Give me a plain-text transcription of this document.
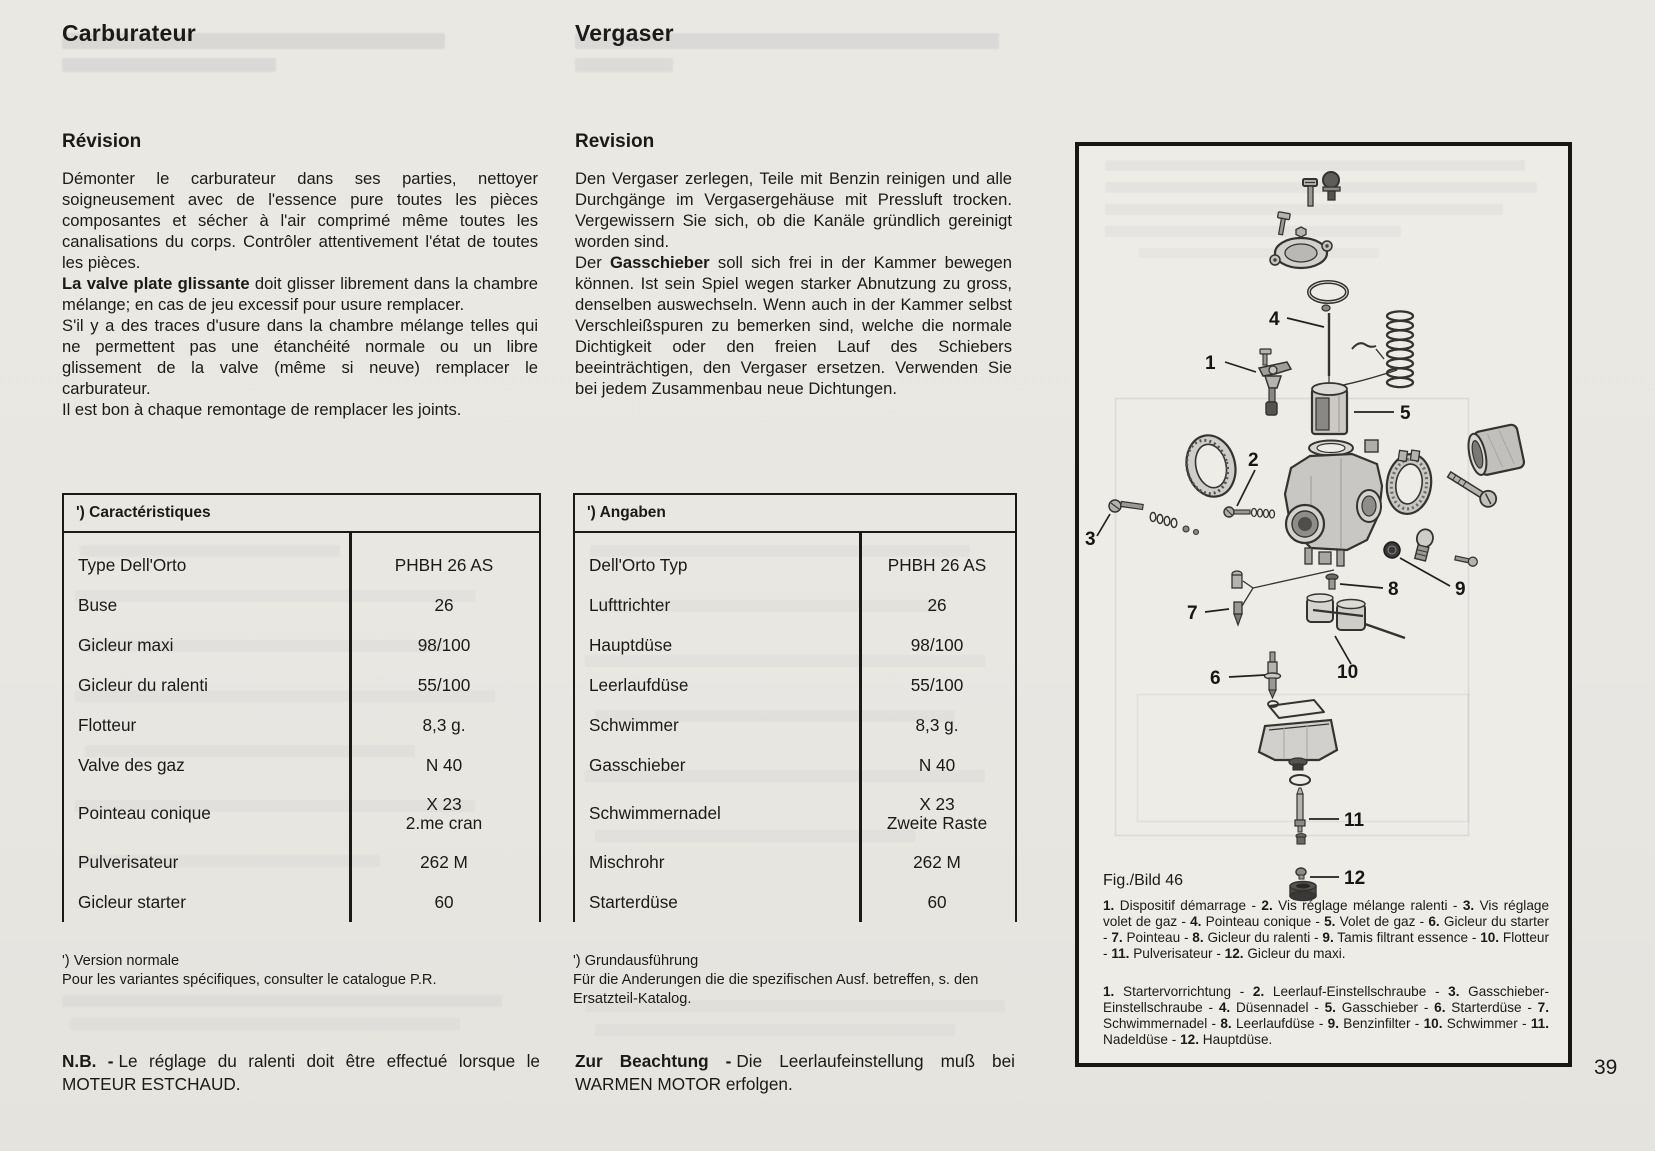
Carburateur	Vergaser
Révision	Revision

Démonter le carburateur dans ses parties, nettoyer soigneusement avec de l'essence pure toutes les pièces composantes et sécher à l'air comprimé même toutes les canalisations du corps. Contrôler attentivement l'état de toutes les pièces.

La valve plate glissante doit glisser librement dans la chambre mélange; en cas de jeu excessif pour usure remplacer.

S'il y a des traces d'usure dans la chambre mélange telles qui ne permettent pas une étanchéité normale ou un libre glissement de la valve (même si neuve) remplacer le carburateur.

Il est bon à chaque remontage de remplacer les joints.

Den Vergaser zerlegen, Teile mit Benzin reinigen und alle Durchgänge im Vergasergehäuse mit Pressluft trocken. Vergewissern Sie sich, ob die Kanäle gründlich gereinigt worden sind.

Der Gasschieber soll sich frei in der Kammer bewegen können. Ist sein Spiel wegen starker Abnutzung zu gross, denselben auswechseln. Wenn auch in der Kammer selbst Verschleißspuren zu bemerken sind, welche die normale Dichtigkeit oder den freien Lauf des Schiebers beeinträchtigen, den Vergaser ersetzen. Verwenden Sie bei jedem Zusammenbau neue Dichtungen.

') Caractéristiques
Type Dell'Orto	PHBH 26 AS
Buse	26
Gicleur maxi	98/100
Gicleur du ralenti	55/100
Flotteur	8,3 g.
Valve des gaz	N 40
Pointeau conique	X 23
2.me cran
Pulverisateur	262 M
Gicleur starter	60
') Angaben
Dell'Orto Typ	PHBH 26 AS
Lufttrichter	26
Hauptdüse	98/100
Leerlaufdüse	55/100
Schwimmer	8,3 g.
Gasschieber	N 40
Schwimmernadel	X 23
Zweite Raste
Mischrohr	262 M
Starterdüse	60
') Version normale
Pour les variantes spécifiques, consulter le catalogue P.R.
') Grundausführung
Für die Anderungen die die spezifischen Ausf. betreffen, s. den Ersatzteil-Katalog.
N.B. - Le réglage du ralenti doit être effectué lorsque le MOTEUR ESTCHAUD.
Zur Beachtung - Die Leerlaufeinstellung muß bei WARMEN MOTOR erfolgen.
1
2
3
4
5
6
7
8	9
10
11
12
Fig./Bild 46
1. Dispositif démarrage - 2. Vis réglage mélange ralenti - 3. Vis réglage volet de gaz - 4. Pointeau conique - 5. Volet de gaz - 6. Gicleur du starter - 7. Pointeau - 8. Gicleur du ralenti - 9. Tamis filtrant essence - 10. Flotteur - 11. Pulverisateur - 12. Gicleur du maxi.
1. Startervorrichtung - 2. Leerlauf-Einstellschraube - 3. Gasschieber-Einstellschraube - 4. Düsennadel - 5. Gasschieber - 6. Starterdüse - 7. Schwimmernadel - 8. Leerlaufdüse - 9. Benzinfilter - 10. Schwimmer - 11. Nadeldüse - 12. Hauptdüse.
39
